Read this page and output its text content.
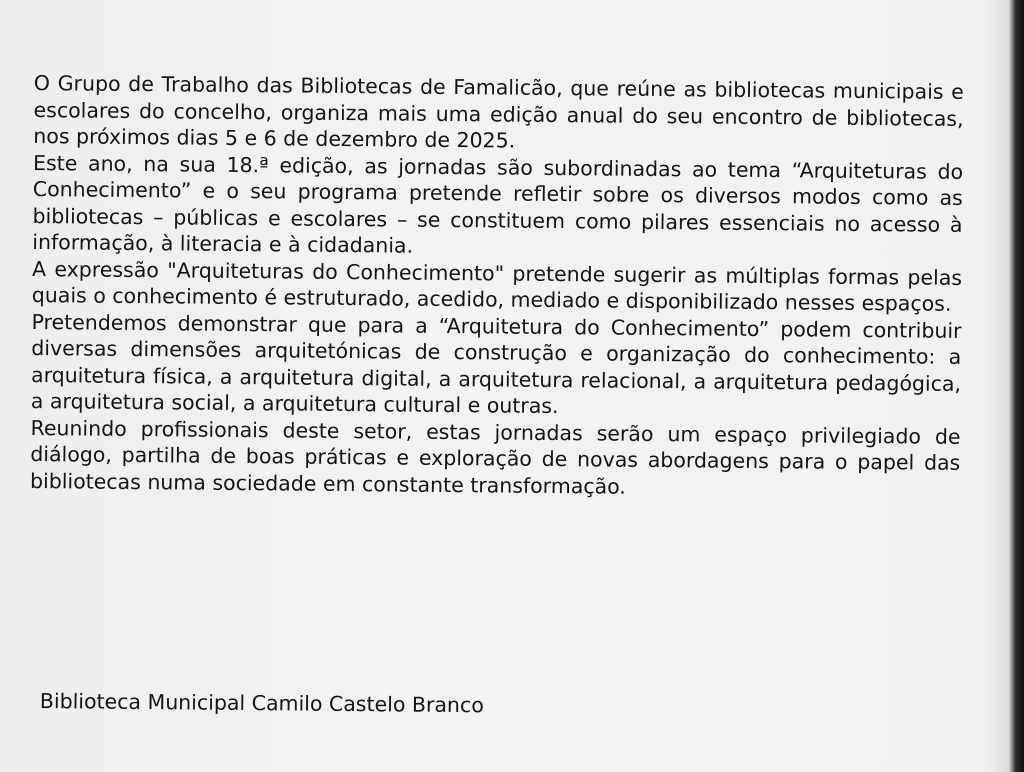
O Grupo de Trabalho das Bibliotecas de Famalicão, que reúne as bibliotecas municipais e escolares do concelho, organiza mais uma edição anual do seu encontro de bibliotecas, nos próximos dias 5 e 6 de dezembro de 2025.

Este ano, na sua 18.ª edição, as jornadas são subordinadas ao tema “Arquiteturas do Conhecimento” e o seu programa pretende refletir sobre os diversos modos como as bibliotecas – públicas e escolares – se constituem como pilares essenciais no acesso à informação, à literacia e à cidadania.

A expressão "Arquiteturas do Conhecimento" pretende sugerir as múltiplas formas pelas quais o conhecimento é estruturado, acedido, mediado e disponibilizado nesses espaços.

Pretendemos demonstrar que para a “Arquitetura do Conhecimento” podem contribuir diversas dimensões arquitetónicas de construção e organização do conhecimento: a arquitetura física, a arquitetura digital, a arquitetura relacional, a arquitetura pedagógica, a arquitetura social, a arquitetura cultural e outras.

Reunindo profissionais deste setor, estas jornadas serão um espaço privilegiado de diálogo, partilha de boas práticas e exploração de novas abordagens para o papel das bibliotecas numa sociedade em constante transformação.

Biblioteca Municipal Camilo Castelo Branco
